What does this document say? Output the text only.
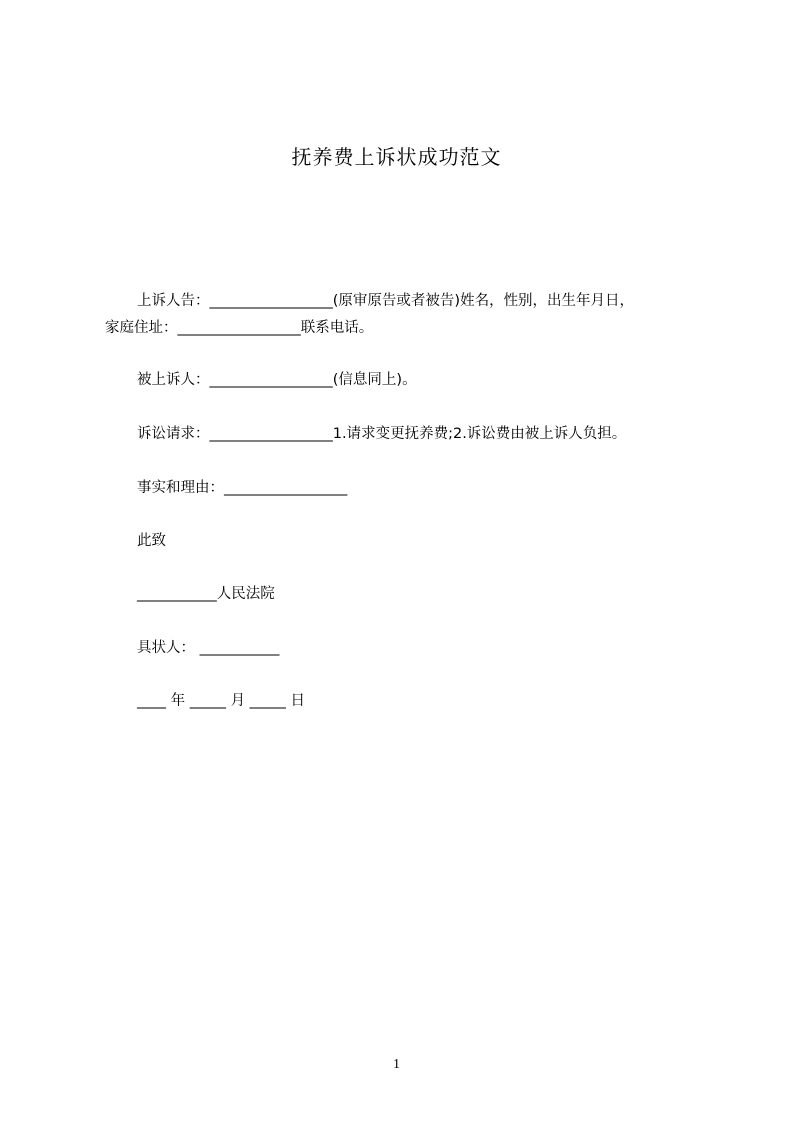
抚养费上诉状成功范文
上诉人告：_________________(原审原告或者被告)姓名，性别，出生年月日，
家庭住址：_________________联系电话。
被上诉人：_________________(信息同上)。
诉讼请求：_________________1.请求变更抚养费;2.诉讼费由被上诉人负担。
事实和理由：_________________
此致
___________人民法院
具状人： ___________
____ 年 _____ 月 _____ 日
1
